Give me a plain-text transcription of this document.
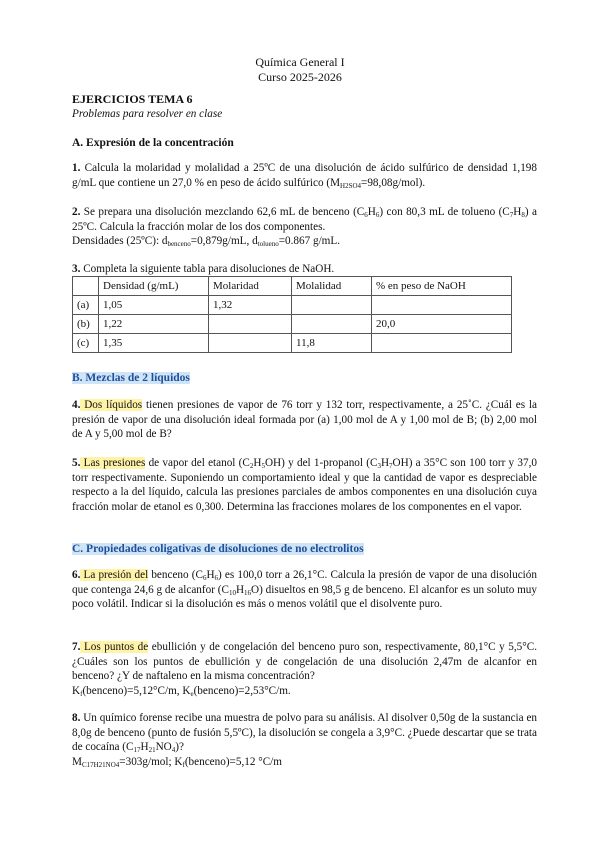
Química General I
Curso 2025-2026
EJERCICIOS TEMA 6
Problemas para resolver en clase
A. Expresión de la concentración
1. Calcula la molaridad y molalidad a 25ºC de una disolución de ácido sulfúrico de densidad 1,198 g/mL que contiene un 27,0 % en peso de ácido sulfúrico $(M_{H2SO4}=98,08g/mol)$.
2. Se prepara una disolución mezclando 62,6 mL de benceno $(C_6H_6)$ con 80,3 mL de tolueno $(C_7H_8)$ a 25ºC. Calcula la fracción molar de los dos componentes.
Densidades (25ºC): $d_{benceno}=0,879g/mL$, $d_{tolueno}=0.867$ g/mL.
3. Completa la siguiente tabla para disoluciones de NaOH.
	Densidad (g/mL)	Molaridad	Molalidad	% en peso de NaOH
(a)	1,05	1,32		
(b)	1,22			20,0
(c)	1,35		11,8	
B. Mezclas de 2 líquidos
4. Dos líquidos tienen presiones de vapor de 76 torr y 132 torr, respectivamente, a 25˚C. ¿Cuál es la presión de vapor de una disolución ideal formada por (a) 1,00 mol de A y 1,00 mol de B; (b) 2,00 mol de A y 5,00 mol de B?
5. Las presiones de vapor del etanol $(C_2H_5OH)$ y del 1-propanol $(C_3H_7OH)$ a 35°C son 100 torr y 37,0 torr respectivamente. Suponiendo un comportamiento ideal y que la cantidad de vapor es despreciable respecto a la del líquido, calcula las presiones parciales de ambos componentes en una disolución cuya fracción molar de etanol es 0,300. Determina las fracciones molares de los componentes en el vapor.
C. Propiedades coligativas de disoluciones de no electrolitos
6. La presión del benceno $(C_6H_6)$ es 100,0 torr a 26,1°C. Calcula la presión de vapor de una disolución que contenga 24,6 g de alcanfor $(C_{10}H_{16}O)$ disueltos en 98,5 g de benceno. El alcanfor es un soluto muy poco volátil. Indicar si la disolución es más o menos volátil que el disolvente puro.
7. Los puntos de ebullición y de congelación del benceno puro son, respectivamente, 80,1°C y 5,5°C. ¿Cuáles son los puntos de ebullición y de congelación de una disolución 2,47m de alcanfor en benceno? ¿Y de naftaleno en la misma concentración?
$K_f(benceno)=5,12^\circ C/m$, $K_e(benceno)=2,53^\circ C/m$.
8. Un químico forense recibe una muestra de polvo para su análisis. Al disolver 0,50g de la sustancia en 8,0g de benceno (punto de fusión 5,5ºC), la disolución se congela a 3,9°C. ¿Puede descartar que se trata de cocaína $(C_{17}H_{21}NO_4)$?
$M_{C17H21NO4}=303g$/mol; $K_f(benceno)=5,12$ °C/m
